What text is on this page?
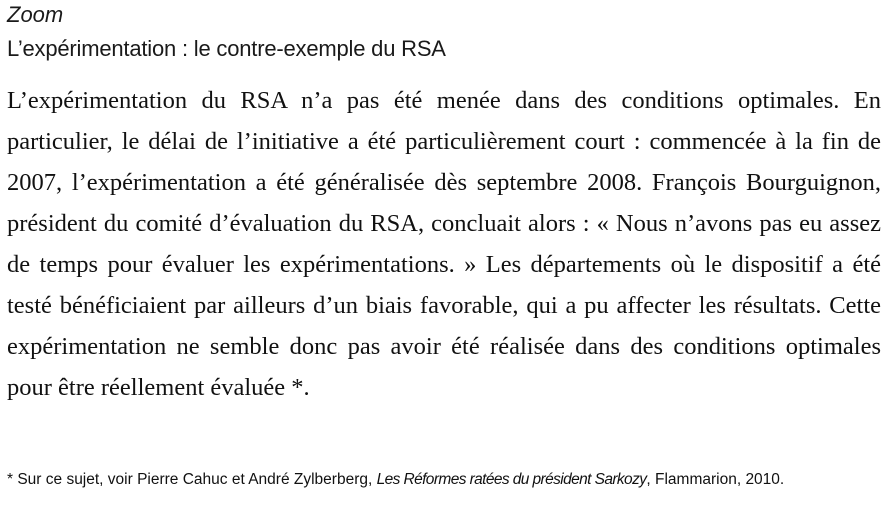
Zoom
L’expérimentation : le contre-exemple du RSA

L’expérimentation du RSA n’a pas été menée dans des conditions optimales. En particulier, le délai de l’initiative a été particulièrement court : commencée à la fin de 2007, l’expérimentation a été généralisée dès septembre 2008. François Bourguignon, président du comité d’évaluation du RSA, concluait alors : « Nous n’avons pas eu assez de temps pour évaluer les expérimentations. » Les départements où le dispositif a été testé bénéficiaient par ailleurs d’un biais favorable, qui a pu affecter les résultats. Cette expérimentation ne semble donc pas avoir été réalisée dans des conditions optimales pour être réellement évaluée *.

* Sur ce sujet, voir Pierre Cahuc et André Zylberberg, Les Réformes ratées du président Sarkozy, Flammarion, 2010.
